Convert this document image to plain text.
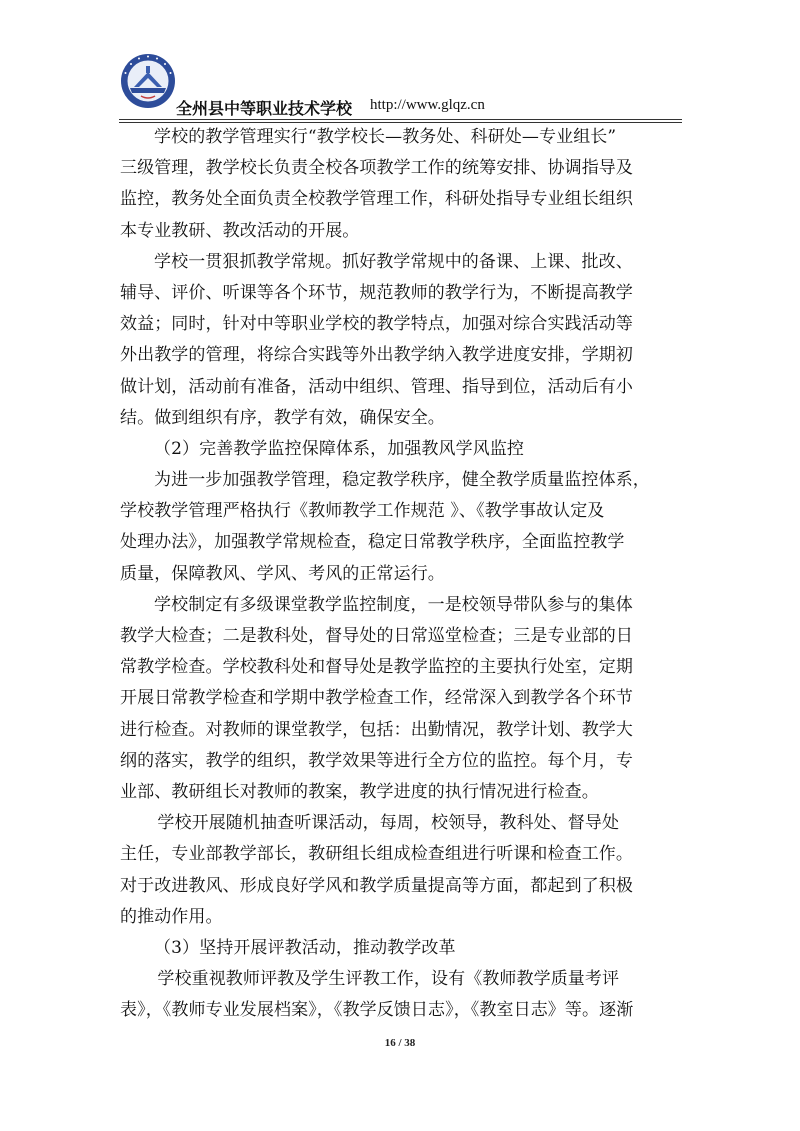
全州县中等职业技术学校 http://www.glqz.cn
学校的教学管理实行“教学校长—教务处、科研处—专业组长”
三级管理，教学校长负责全校各项教学工作的统筹安排、协调指导及
监控，教务处全面负责全校教学管理工作，科研处指导专业组长组织
本专业教研、教改活动的开展。
学校一贯狠抓教学常规。抓好教学常规中的备课、上课、批改、
辅导、评价、听课等各个环节，规范教师的教学行为，不断提高教学
效益；同时，针对中等职业学校的教学特点，加强对综合实践活动等
外出教学的管理，将综合实践等外出教学纳入教学进度安排，学期初
做计划，活动前有准备，活动中组织、管理、指导到位，活动后有小
结。做到组织有序，教学有效，确保安全。
（2）完善教学监控保障体系，加强教风学风监控
为进一步加强教学管理，稳定教学秩序，健全教学质量监控体系，
学校教学管理严格执行《教师教学工作规范 》、《教学事故认定及
处理办法》，加强教学常规检查，稳定日常教学秩序，全面监控教学
质量，保障教风、学风、考风的正常运行。
学校制定有多级课堂教学监控制度，一是校领导带队参与的集体
教学大检查；二是教科处，督导处的日常巡堂检查；三是专业部的日
常教学检查。学校教科处和督导处是教学监控的主要执行处室，定期
开展日常教学检查和学期中教学检查工作，经常深入到教学各个环节
进行检查。对教师的课堂教学，包括：出勤情况，教学计划、教学大
纲的落实，教学的组织，教学效果等进行全方位的监控。每个月，专
业部、教研组长对教师的教案，教学进度的执行情况进行检查。
学校开展随机抽查听课活动，每周，校领导，教科处、督导处
主任，专业部教学部长，教研组长组成检查组进行听课和检查工作。
对于改进教风、形成良好学风和教学质量提高等方面，都起到了积极
的推动作用。
（3）坚持开展评教活动，推动教学改革
学校重视教师评教及学生评教工作，设有《教师教学质量考评
表》，《教师专业发展档案》，《教学反馈日志》，《教室日志》等。逐渐
16 / 38
